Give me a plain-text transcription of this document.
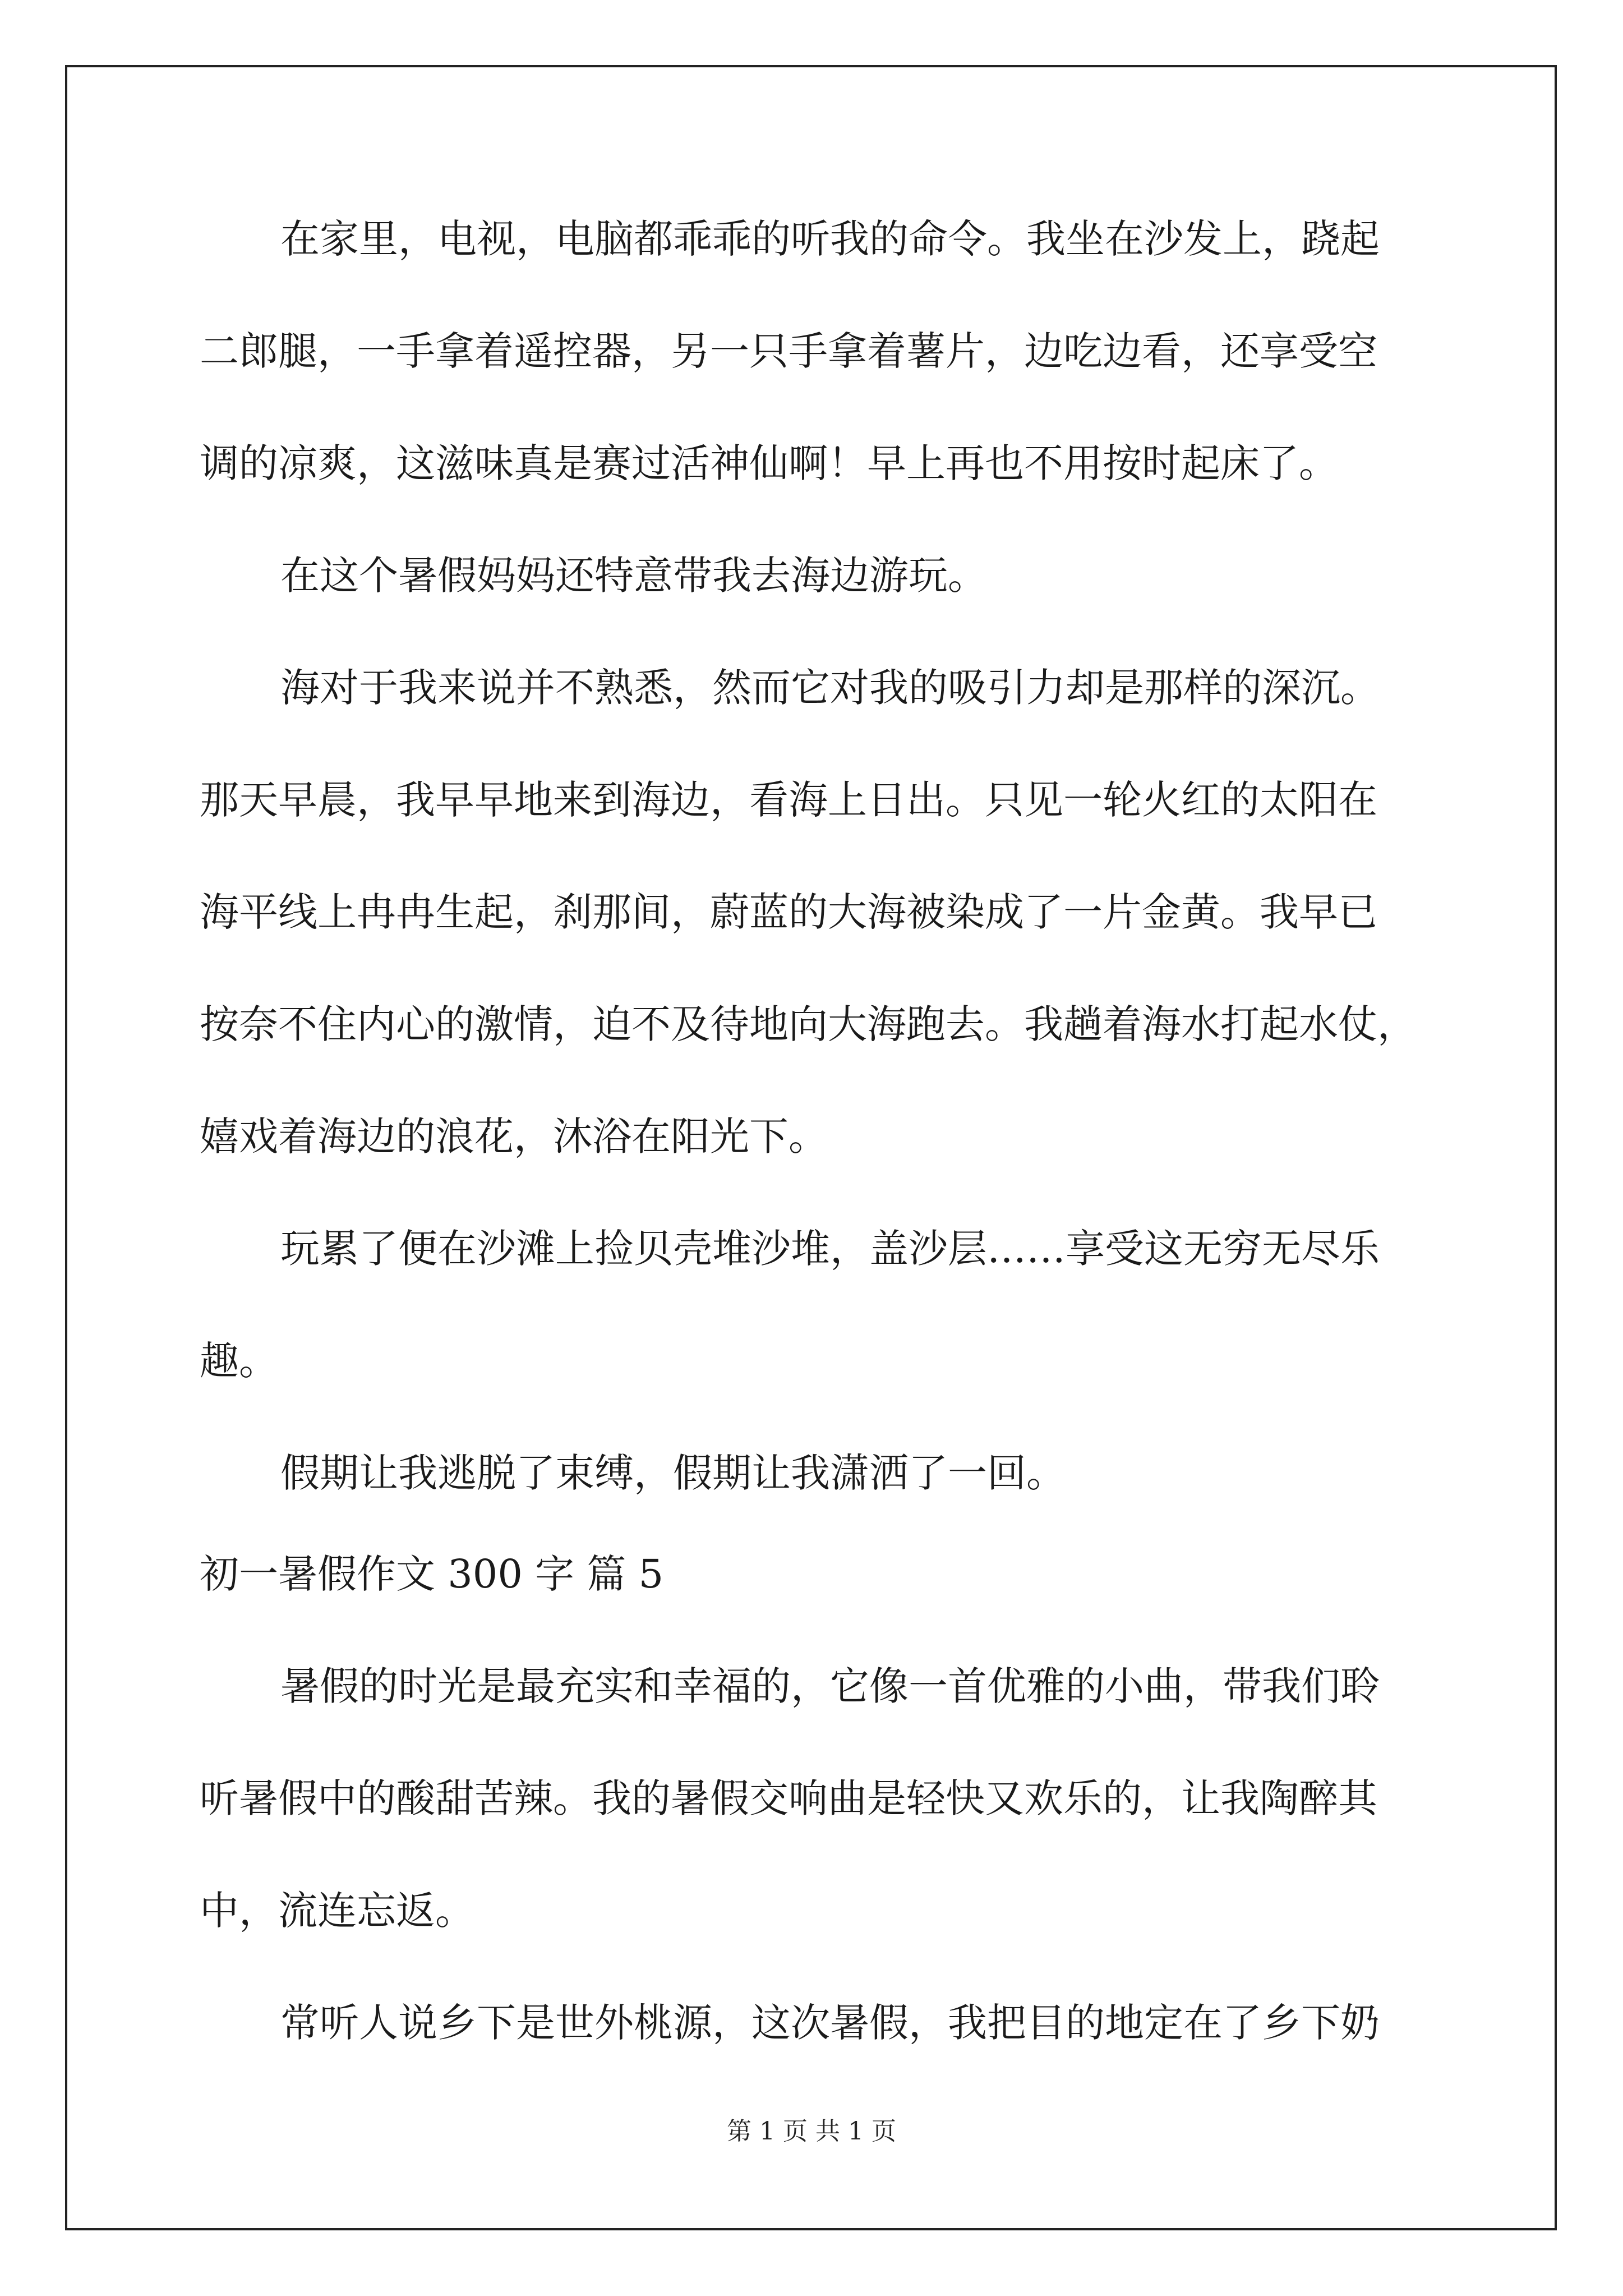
在家里，电视，电脑都乖乖的听我的命令。我坐在沙发上，跷起
二郎腿，一手拿着遥控器，另一只手拿着薯片，边吃边看，还享受空
调的凉爽，这滋味真是赛过活神仙啊！早上再也不用按时起床了。
在这个暑假妈妈还特意带我去海边游玩。
海对于我来说并不熟悉，然而它对我的吸引力却是那样的深沉。
那天早晨，我早早地来到海边，看海上日出。只见一轮火红的太阳在
海平线上冉冉生起，刹那间，蔚蓝的大海被染成了一片金黄。我早已
按奈不住内心的激情，迫不及待地向大海跑去。我趟着海水打起水仗，
嬉戏着海边的浪花，沐浴在阳光下。
玩累了便在沙滩上捡贝壳堆沙堆，盖沙层……享受这无穷无尽乐
趣。
假期让我逃脱了束缚，假期让我潇洒了一回。
初一暑假作文 300 字 篇 5
暑假的时光是最充实和幸福的，它像一首优雅的小曲，带我们聆
听暑假中的酸甜苦辣。我的暑假交响曲是轻快又欢乐的，让我陶醉其
中，流连忘返。
常听人说乡下是世外桃源，这次暑假，我把目的地定在了乡下奶
第 1 页 共 1 页
